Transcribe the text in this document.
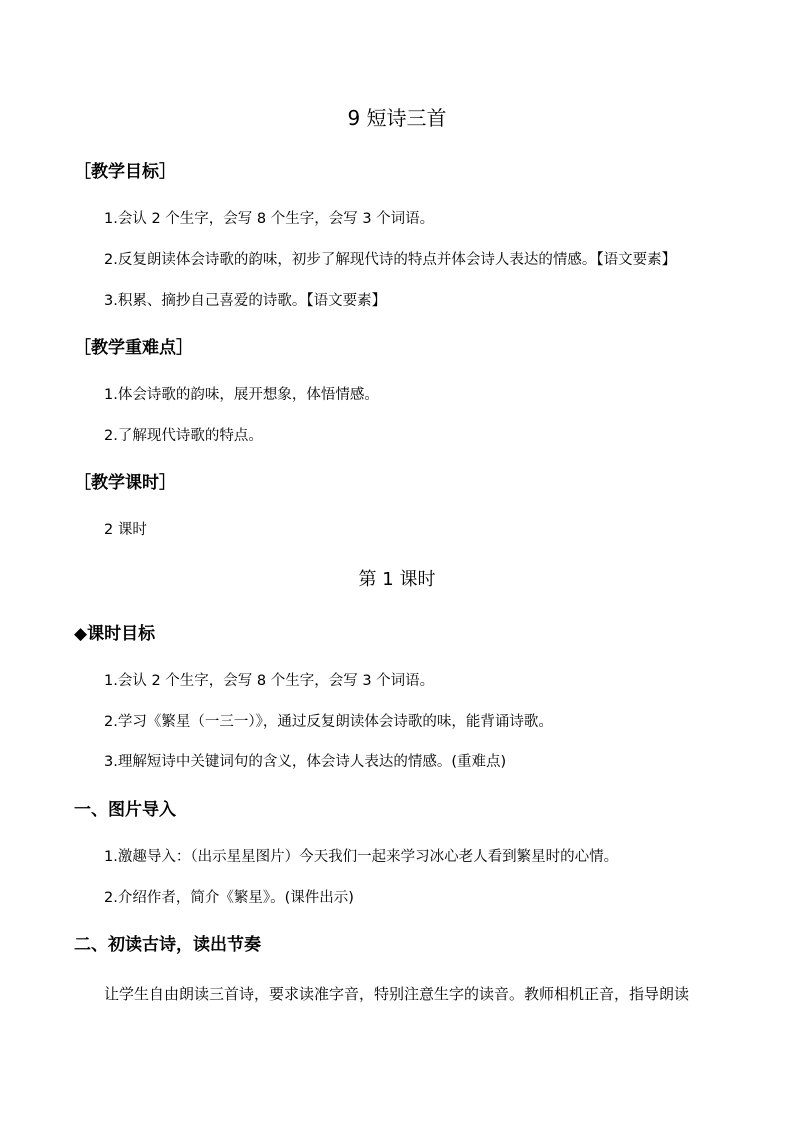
9 短诗三首
［教学目标］
1.会认 2 个生字，会写 8 个生字，会写 3 个词语。
2.反复朗读体会诗歌的韵味，初步了解现代诗的特点并体会诗人表达的情感。【语文要素】
3.积累、摘抄自己喜爱的诗歌。【语文要素】
［教学重难点］
1.体会诗歌的韵味，展开想象，体悟情感。
2.了解现代诗歌的特点。
［教学课时］
2 课时
第 1 课时
◆课时目标
1.会认 2 个生字，会写 8 个生字，会写 3 个词语。
2.学习《繁星（一三一）》，通过反复朗读体会诗歌的味，能背诵诗歌。
3.理解短诗中关键词句的含义，体会诗人表达的情感。(重难点)
一、图片导入
1.激趣导入：（出示星星图片）今天我们一起来学习冰心老人看到繁星时的心情。
2.介绍作者，简介《繁星》。(课件出示)
二、初读古诗，读出节奏
让学生自由朗读三首诗，要求读准字音，特别注意生字的读音。教师相机正音，指导朗读
